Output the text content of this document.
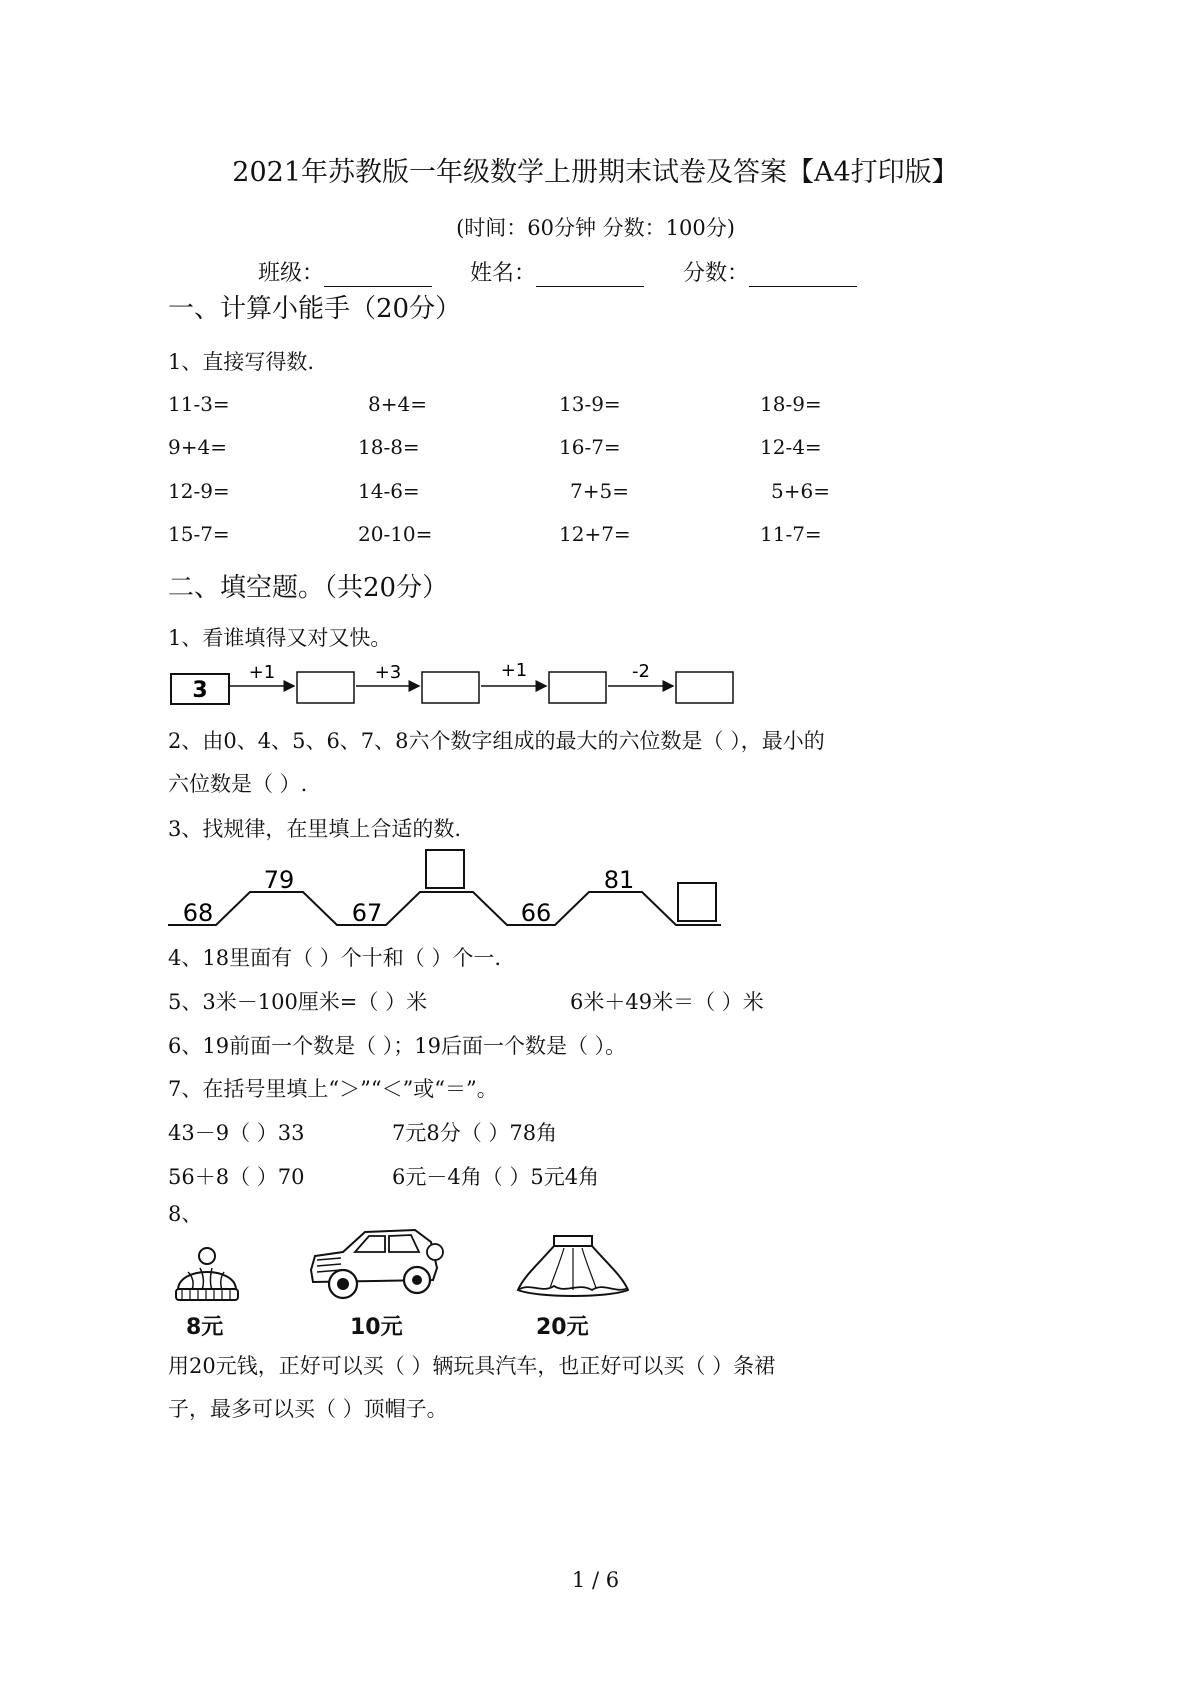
2021年苏教版一年级数学上册期末试卷及答案【A4打印版】
(时间：60分钟 分数：100分)
班级：	姓名：	分数：
一、计算小能手（20分）
1、直接写得数.
11-3=	8+4=	13-9=	18-9=
9+4=	18-8=	16-7=	12-4=
12-9=	14-6=	7+5=	5+6=
15-7=	20-10=	12+7=	11-7=
二、填空题。（共20分）
1、看谁填得又对又快。
3
+1	+3	+1	-2
2、由0、4、5、6、7、8六个数字组成的最大的六位数是（ ），最小的
六位数是（ ）.
3、找规律，在里填上合适的数.
68
79
67	66
81
4、18里面有（ ）个十和（ ）个一.
5、3米－100厘米=（ ）米	6米＋49米＝（ ）米
6、19前面一个数是（ ）；19后面一个数是（ ）。
7、在括号里填上“＞”“＜”或“＝”。
43－9（ ）33	7元8分（ ）78角
56＋8（ ）70	6元－4角（ ）5元4角
8、
8元	10元	20元
用20元钱，正好可以买（ ）辆玩具汽车，也正好可以买（ ）条裙
子，最多可以买（ ）顶帽子。
1 / 6
